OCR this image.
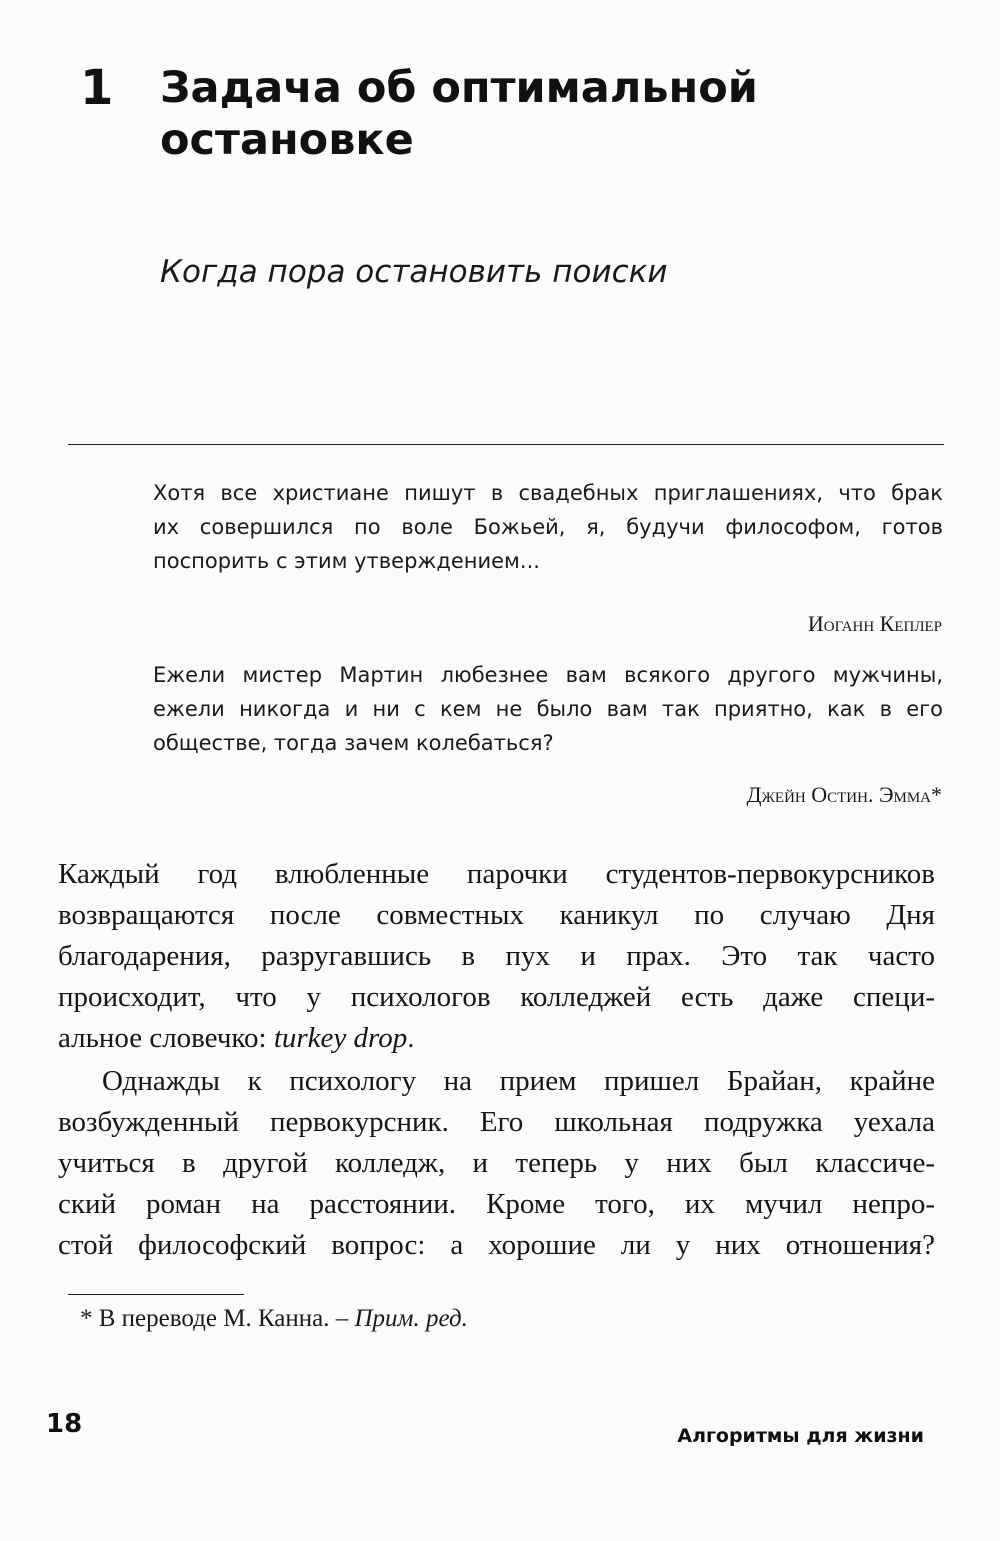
1 Задача об оптимальной
остановке
Когда пора остановить поиски
Хотя все христиане пишут в свадебных приглашениях, что брак
их совершился по воле Божьей, я, будучи философом, готов
поспорить с этим утверждением...
Иоганн Кеплер
Ежели мистер Мартин любезнее вам всякого другого мужчины,
ежели никогда и ни с кем не было вам так приятно, как в его
обществе, тогда зачем колебаться?
Джейн Остин. Эмма*
Каждый год влюбленные парочки студентов-первокурсников
возвращаются после совместных каникул по случаю Дня
благодарения, разругавшись в пух и прах. Это так часто
происходит, что у психологов колледжей есть даже специ-
альное словечко: turkey drop.
Однажды к психологу на прием пришел Брайан, крайне
возбужденный первокурсник. Его школьная подружка уехала
учиться в другой колледж, и теперь у них был классиче-
ский роман на расстоянии. Кроме того, их мучил непро-
стой философский вопрос: а хорошие ли у них отношения?
* В переводе М. Канна. – Прим. ред.
18	Алгоритмы для жизни
